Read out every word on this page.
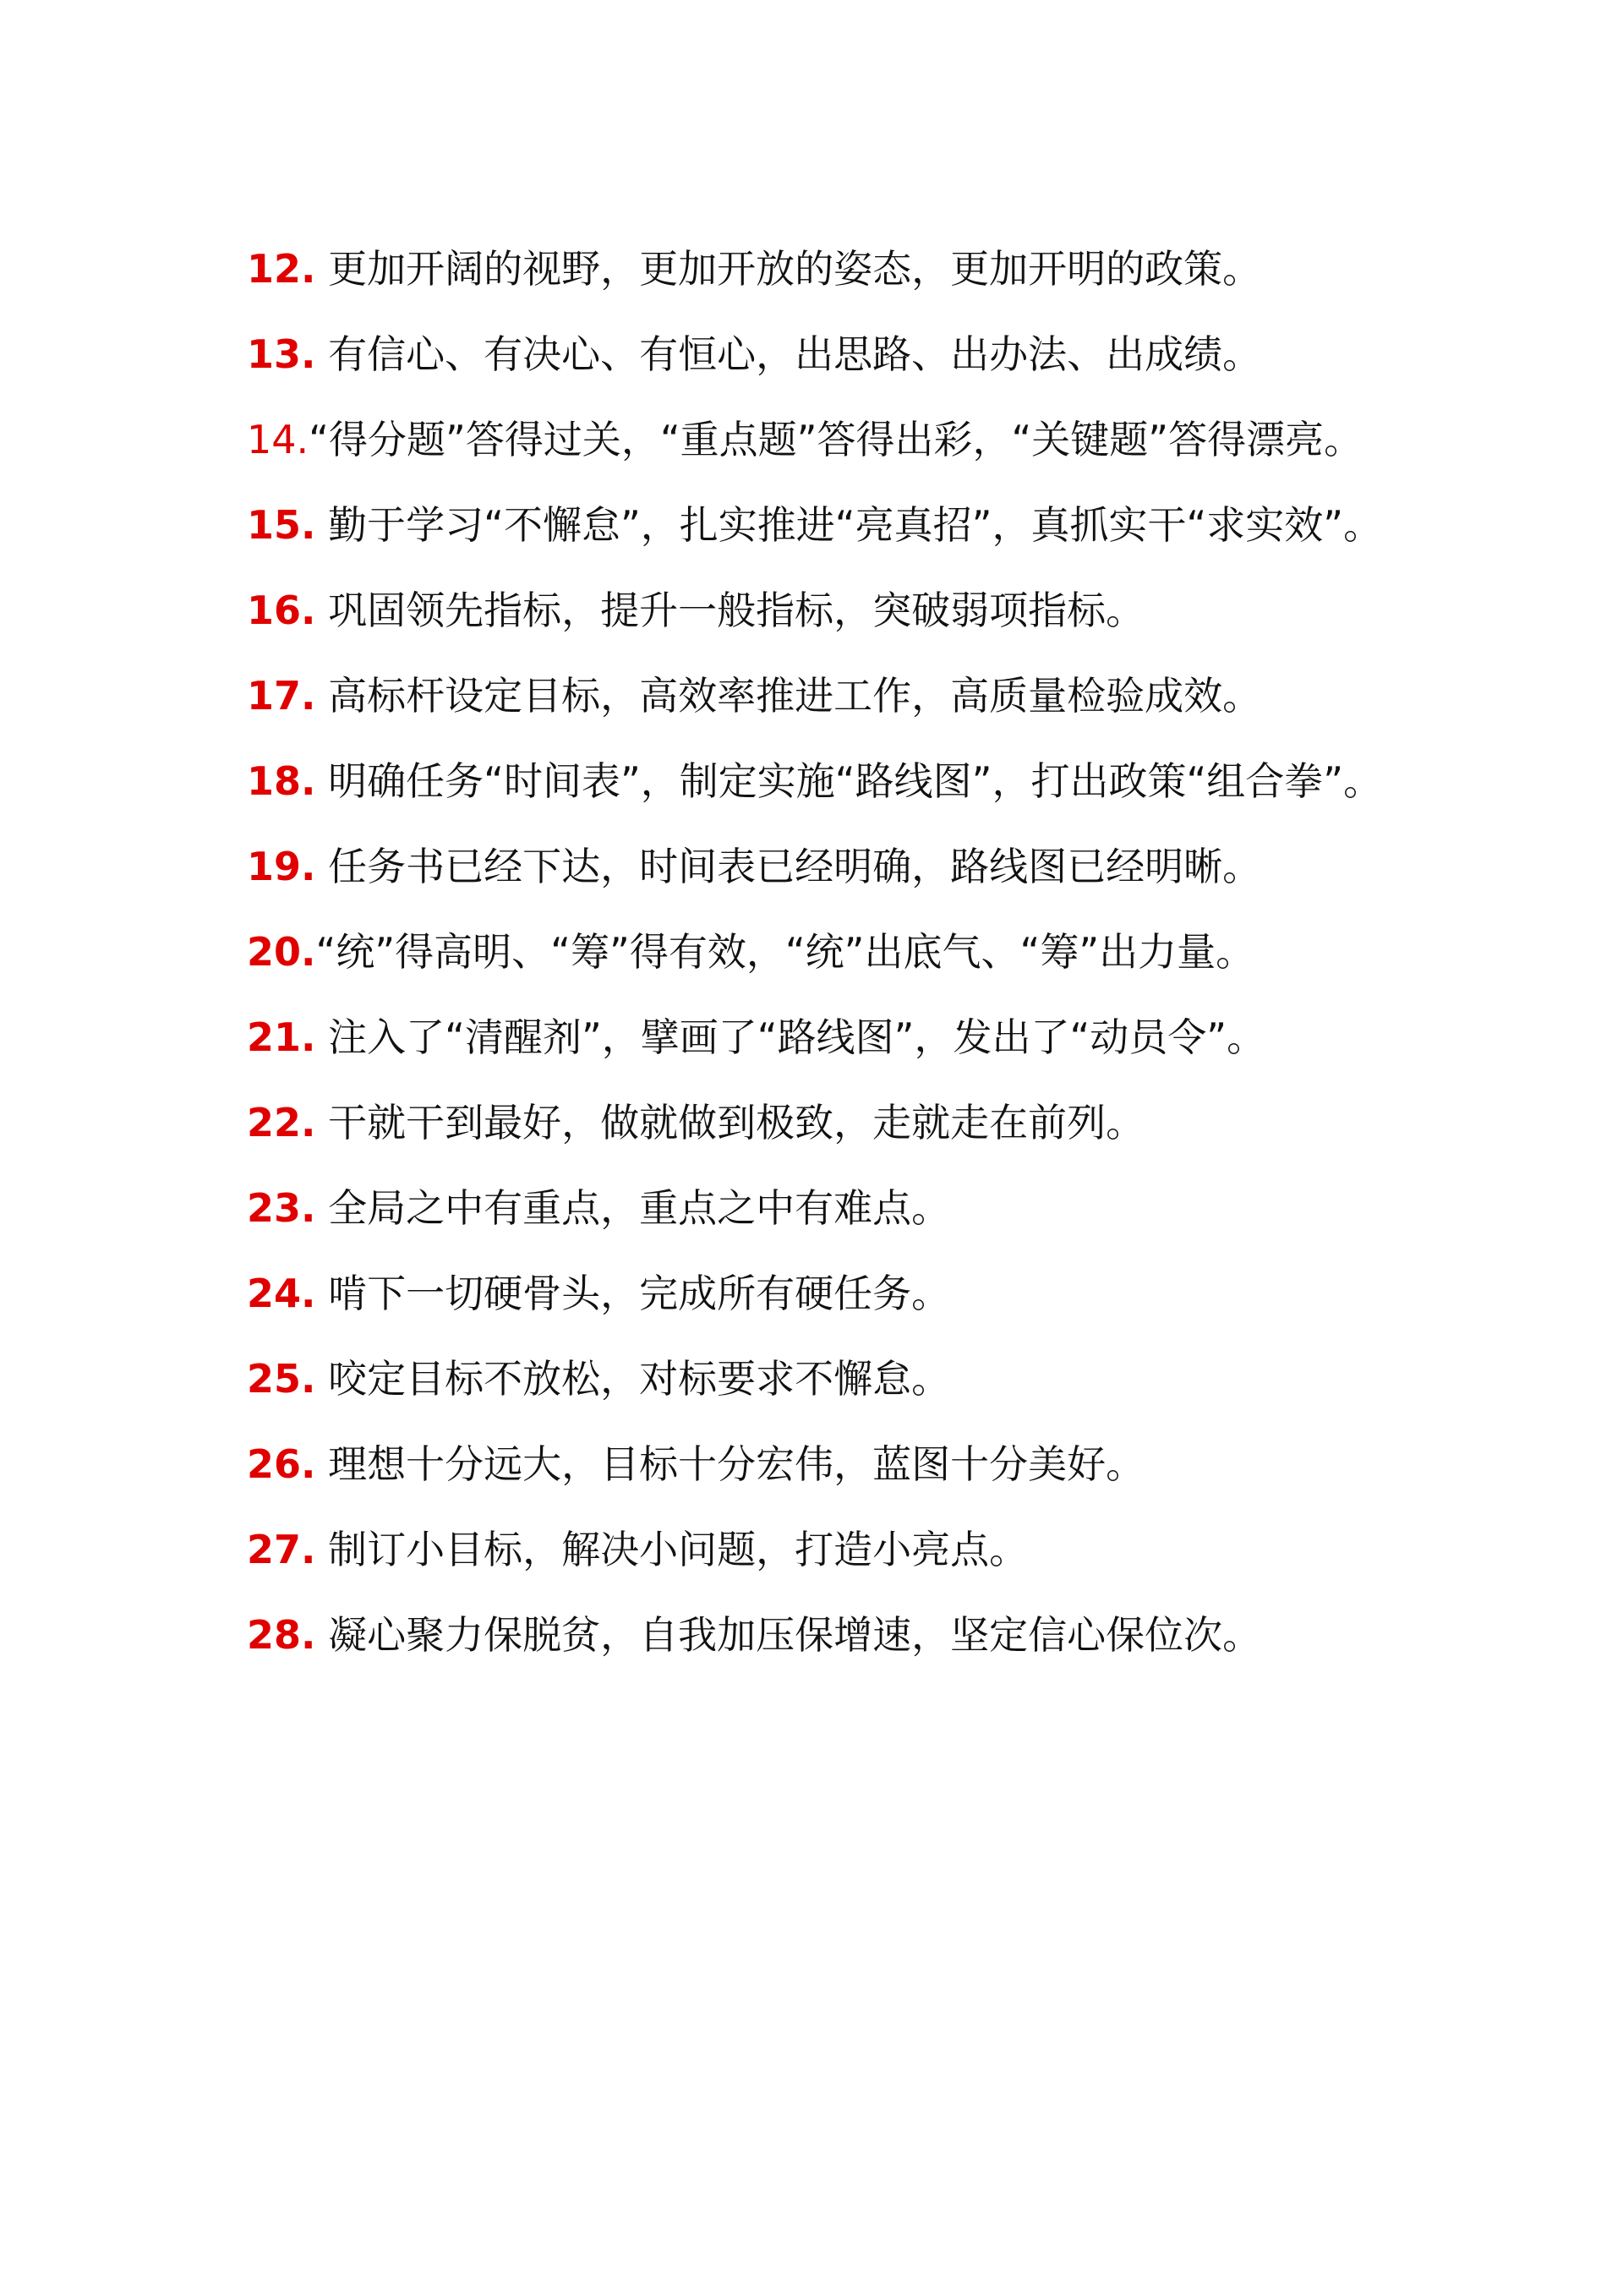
12. 更加开阔的视野，更加开放的姿态，更加开明的政策。
13. 有信心、有决心、有恒心，出思路、出办法、出成绩。
14.“得分题”答得过关，“重点题”答得出彩，“关键题”答得漂亮。
15. 勤于学习“不懈怠”，扎实推进“亮真招”，真抓实干“求实效”。
16. 巩固领先指标，提升一般指标，突破弱项指标。
17. 高标杆设定目标，高效率推进工作，高质量检验成效。
18. 明确任务“时间表”，制定实施“路线图”，打出政策“组合拳”。
19. 任务书已经下达，时间表已经明确，路线图已经明晰。
20.“统”得高明、“筹”得有效，“统”出底气、“筹”出力量。
21. 注入了“清醒剂”，擘画了“路线图”，发出了“动员令”。
22. 干就干到最好，做就做到极致，走就走在前列。
23. 全局之中有重点，重点之中有难点。
24. 啃下一切硬骨头，完成所有硬任务。
25. 咬定目标不放松，对标要求不懈怠。
26. 理想十分远大，目标十分宏伟，蓝图十分美好。
27. 制订小目标，解决小问题，打造小亮点。
28. 凝心聚力保脱贫，自我加压保增速，坚定信心保位次。
